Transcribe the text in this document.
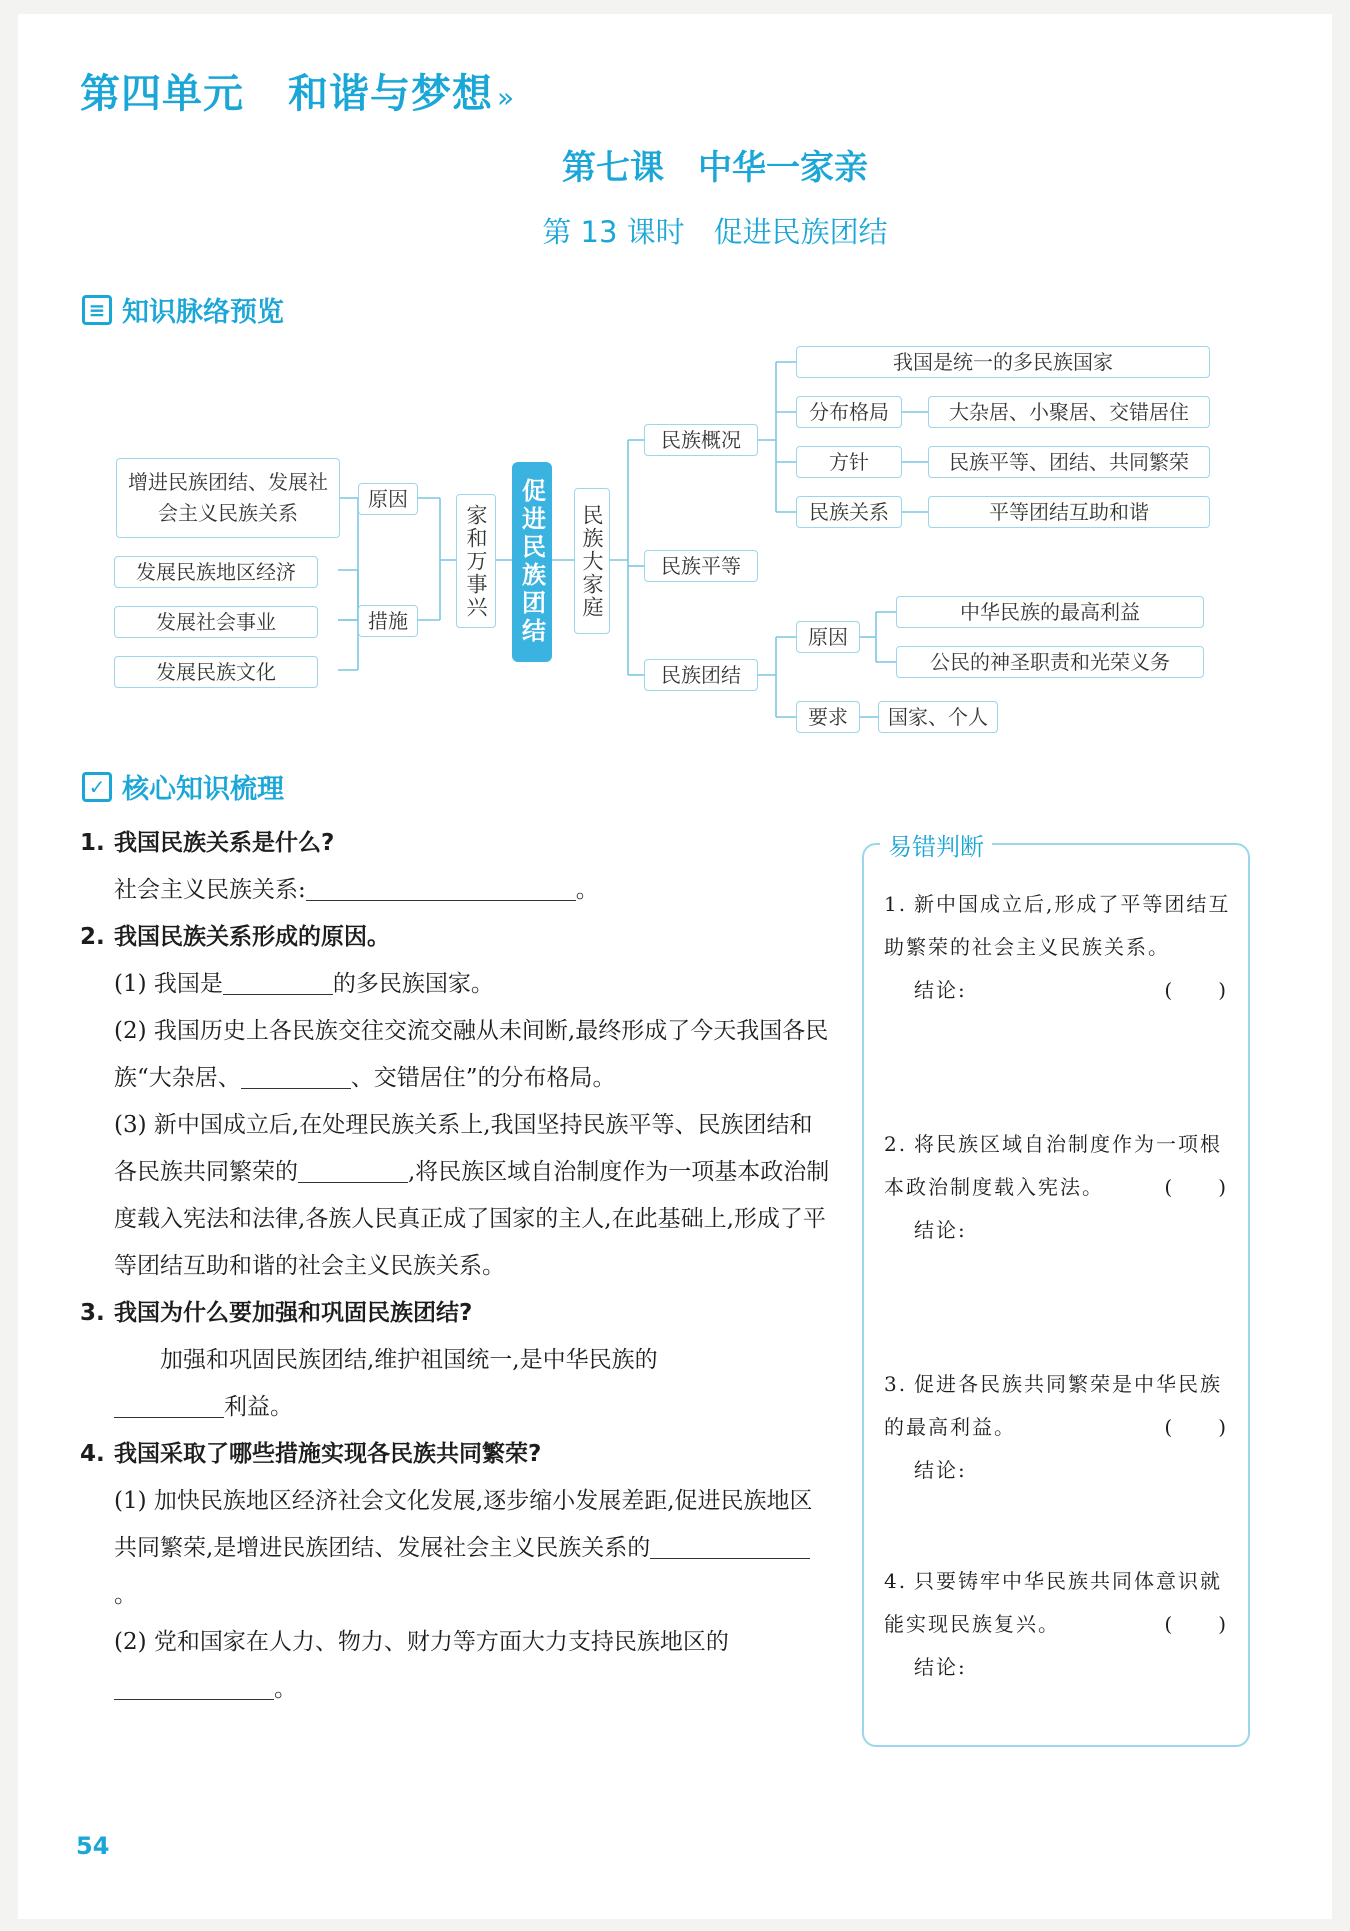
第四单元 和谐与梦想 »
第七课　中华一家亲
第 13 课时　促进民族团结
≡ 知识脉络预览
增进民族团结、发展社会主义民族关系
原因
发展民族地区经济
发展社会事业
发展民族文化
措施
家和万事兴	促进民族团结	民族大家庭
民族概况
我国是统一的多民族国家
分布格局	大杂居、小聚居、交错居住
方针	民族平等、团结、共同繁荣
民族关系	平等团结互助和谐
民族平等
民族团结
原因
中华民族的最高利益
公民的神圣职责和光荣义务
要求	国家、个人
✓ 核心知识梳理
1. 我国民族关系是什么?
社会主义民族关系:	。
2. 我国民族关系形成的原因。
(1) 我国是	的多民族国家。
(2) 我国历史上各民族交往交流交融从未间断,最终形成了今天我国各民族“大杂居、	、交错居住”的分布格局。
(3) 新中国成立后,在处理民族关系上,我国坚持民族平等、民族团结和各民族共同繁荣的	,将民族区域自治制度作为一项基本政治制度载入宪法和法律,各族人民真正成了国家的主人,在此基础上,形成了平等团结互助和谐的社会主义民族关系。
3. 我国为什么要加强和巩固民族团结?
加强和巩固民族团结,维护祖国统一,是中华民族的
利益。
4. 我国采取了哪些措施实现各民族共同繁荣?
(1) 加快民族地区经济社会文化发展,逐步缩小发展差距,促进民族地区共同繁荣,是增进民族团结、发展社会主义民族关系的。
(2) 党和国家在人力、物力、财力等方面大力支持民族地区的。
易错判断
1. 新中国成立后,形成了平等团结互助繁荣的社会主义民族关系。
(　　)
结论:
2. 将民族区域自治制度作为一项根本政治制度载入宪法。	(　　)
结论:
3. 促进各民族共同繁荣是中华民族的最高利益。	(　　)
结论:
4. 只要铸牢中华民族共同体意识就能实现民族复兴。	(　　)
结论:
54
